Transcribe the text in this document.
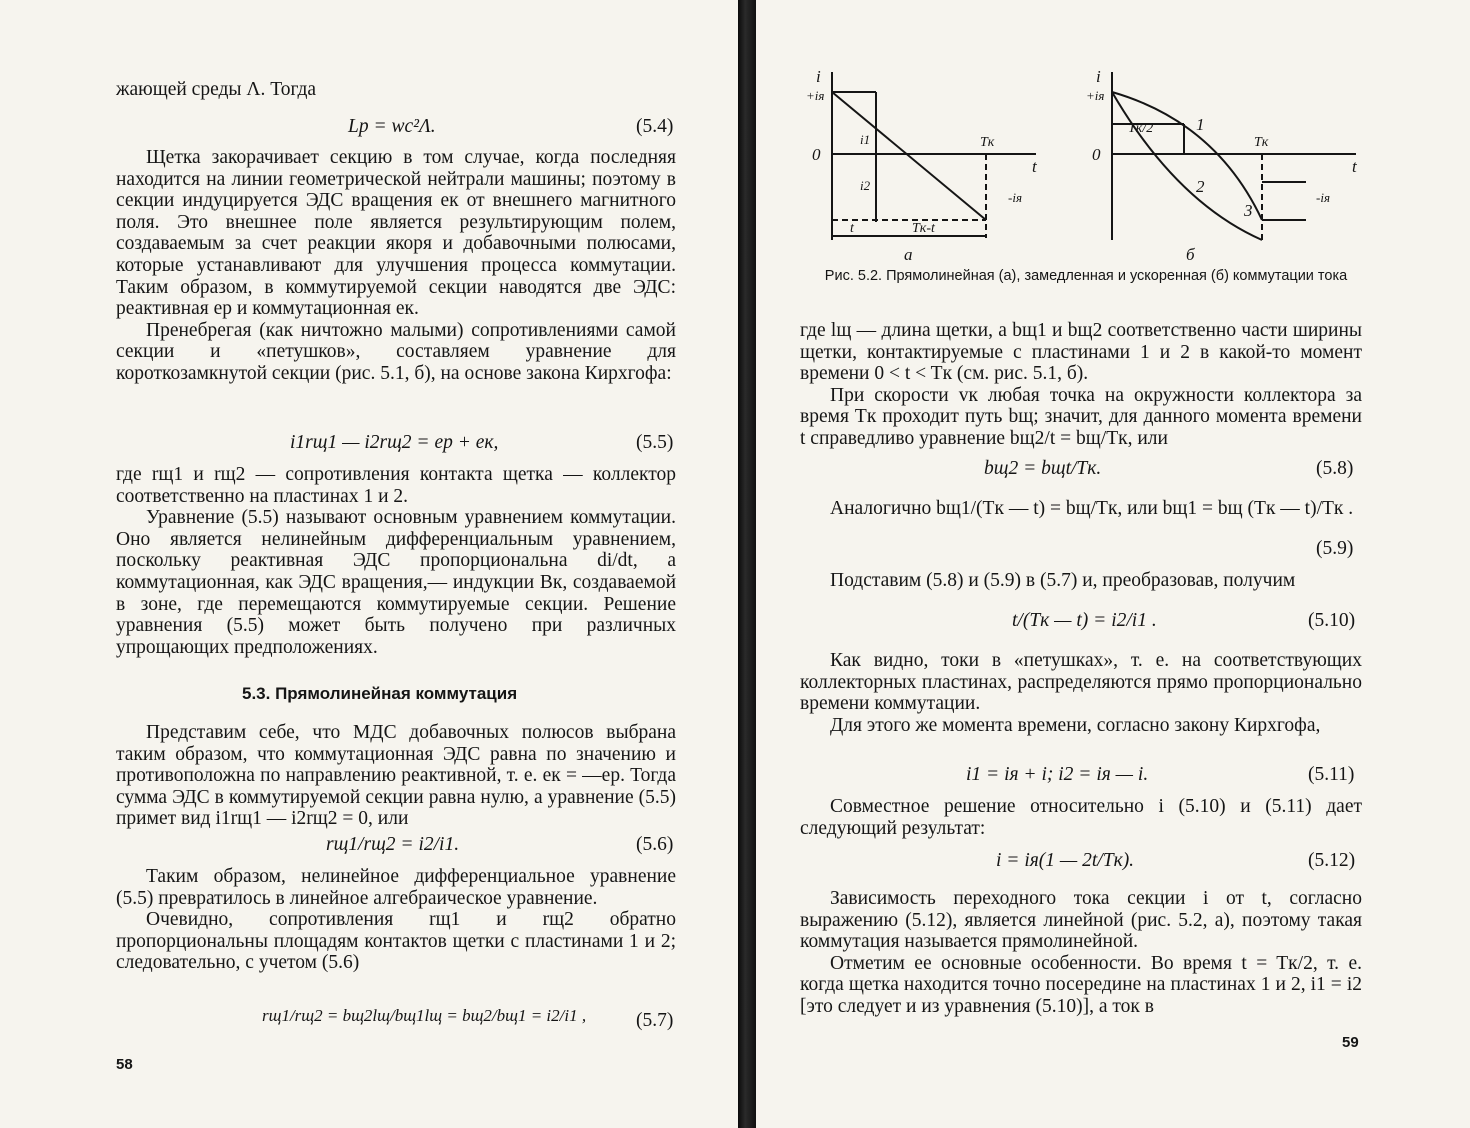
жающей среды Λ. Тогда

Lр = wс²Λ.	(5.4)

Щетка закорачивает секцию в том случае, когда последняя находится на линии геометрической нейтрали машины; поэтому в секции индуцируется ЭДС вращения eк от внешнего магнитного поля. Это внешнее поле является результирующим полем, создаваемым за счет реакции якоря и добавочными полюсами, которые устанавливают для улучшения процесса коммутации. Таким образом, в коммутируемой секции наводятся две ЭДС: реактивная eр и коммутационная eк.

Пренебрегая (как ничтожно малыми) сопротивлениями самой секции и «петушков», составляем уравнение для короткозамкнутой секции (рис. 5.1, б), на основе закона Кирхгофа:

i1rщ1 — i2rщ2 = eр + eк,	(5.5)

где rщ1 и rщ2 — сопротивления контакта щетка — коллектор соответственно на пластинах 1 и 2.

Уравнение (5.5) называют основным уравнением коммутации. Оно является нелинейным дифференциальным уравнением, поскольку реактивная ЭДС пропорциональна di/dt, а коммутационная, как ЭДС вращения,— индукции Bк, создаваемой в зоне, где перемещаются коммутируемые секции. Решение уравнения (5.5) может быть получено при различных упрощающих предположениях.

5.3. Прямолинейная коммутация

Представим себе, что МДС добавочных полюсов выбрана таким образом, что коммутационная ЭДС равна по значению и противоположна по направлению реактивной, т. е. eк = —eр. Тогда сумма ЭДС в коммутируемой секции равна нулю, а уравнение (5.5) примет вид i1rщ1 — i2rщ2 = 0, или

rщ1/rщ2 = i2/i1.	(5.6)

Таким образом, нелинейное дифференциальное уравнение (5.5) превратилось в линейное алгебраическое уравнение.

Очевидно, сопротивления rщ1 и rщ2 обратно пропорциональны площадям контактов щетки с пластинами 1 и 2; следовательно, с учетом (5.6)

rщ1/rщ2 = bщ2lщ/bщ1lщ = bщ2/bщ1 = i2/i1 ,	(5.7)
58
i
+iя
0
Tк
t
-iя
t	Tк-t
a
i1
i2
i
+iя
0
Tк/2	1
Tк
t
2
3
-iя
б
Рис. 5.2. Прямолинейная (а), замедленная и ускоренная (б) коммутации тока

где lщ — длина щетки, а bщ1 и bщ2 соответственно части ширины щетки, контактируемые с пластинами 1 и 2 в какой-то момент времени 0 < t < Tк (см. рис. 5.1, б).

При скорости vк любая точка на окружности коллектора за время Tк проходит путь bщ; значит, для данного момента времени t справедливо уравнение bщ2/t = bщ/Tк, или

bщ2 = bщt/Tк.	(5.8)

Аналогично bщ1/(Tк — t) = bщ/Tк, или bщ1 = bщ (Tк — t)/Tк .

(5.9)

Подставим (5.8) и (5.9) в (5.7) и, преобразовав, получим

t/(Tк — t) = i2/i1 .	(5.10)

Как видно, токи в «петушках», т. е. на соответствующих коллекторных пластинах, распределяются прямо пропорционально времени коммутации.

Для этого же момента времени, согласно закону Кирхгофа,

i1 = iя + i; i2 = iя — i.	(5.11)

Совместное решение относительно i (5.10) и (5.11) дает следующий результат:

i = iя(1 — 2t/Tк).	(5.12)

Зависимость переходного тока секции i от t, согласно выражению (5.12), является линейной (рис. 5.2, а), поэтому такая коммутация называется прямолинейной.

Отметим ее основные особенности. Во время t = Tк/2, т. е. когда щетка находится точно посередине на пластинах 1 и 2, i1 = i2 [это следует и из уравнения (5.10)], а ток в

59
